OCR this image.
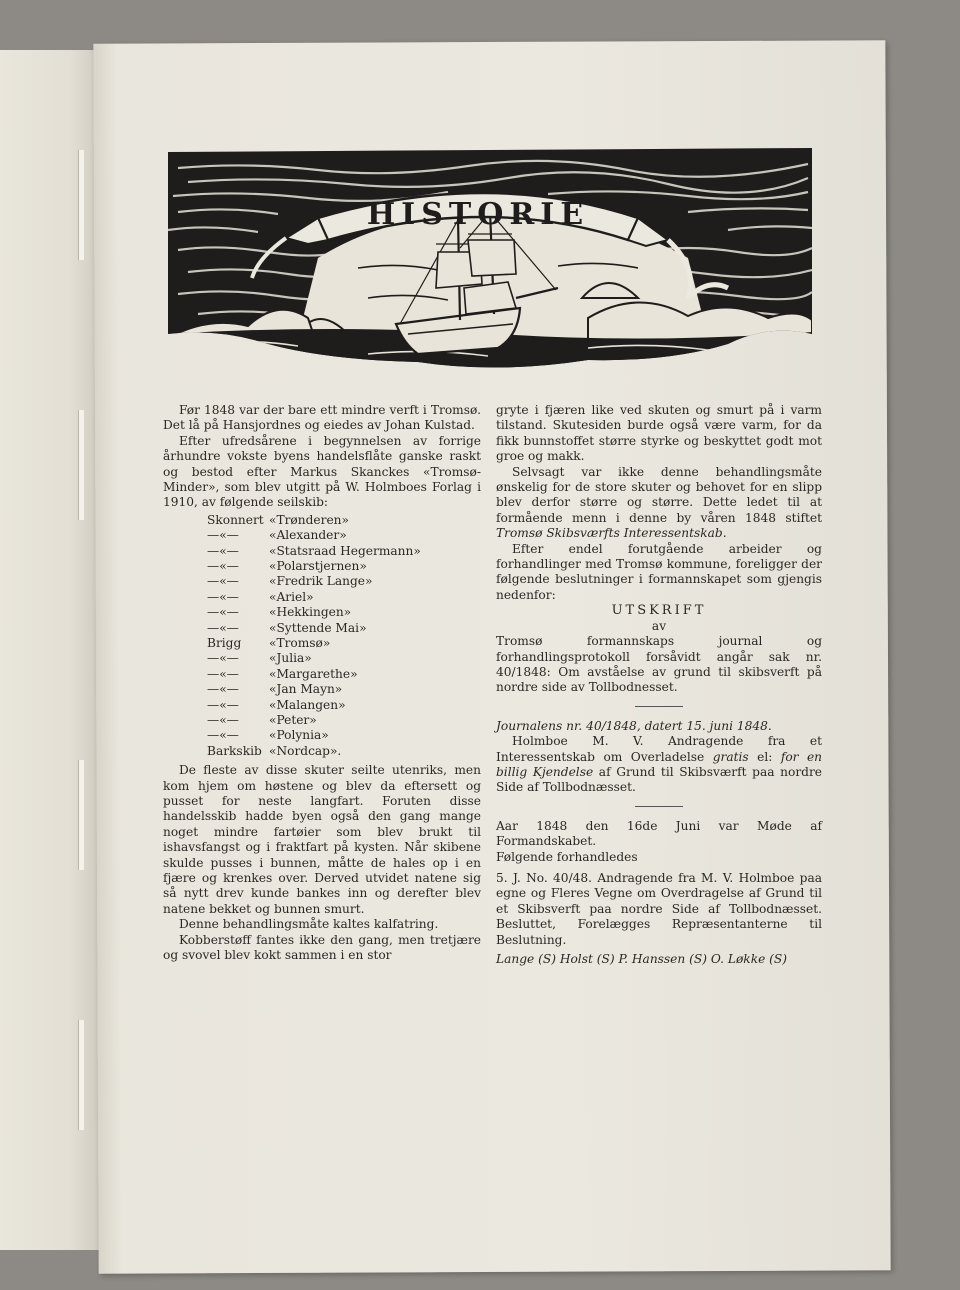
HISTORIE

Før 1848 var der bare ett mindre verft i Tromsø. Det lå på Hansjordnes og eiedes av Johan Kulstad.

Efter ufredsårene i begynnelsen av forrige århundre vokste byens handelsflåte ganske raskt og bestod efter Markus Skanckes «Tromsø-Minder», som blev utgitt på W. Holmboes Forlag i 1910, av følgende seilskib:

Skonnert «Trønderen»
—«—	«Alexander»
—«—	«Statsraad Hegermann»
—«—	«Polarstjernen»
—«—	«Fredrik Lange»
—«—	«Ariel»
—«—	«Hekkingen»
—«—	«Syttende Mai»
Brigg	«Tromsø»
—«—	«Julia»
—«—	«Margarethe»
—«—	«Jan Mayn»
—«—	«Malangen»
—«—	«Peter»
—«—	«Polynia»
Barkskib «Nordcap».

De fleste av disse skuter seilte utenriks, men kom hjem om høstene og blev da eftersett og pusset for neste langfart. Foruten disse handelsskib hadde byen også den gang mange noget mindre fartøier som blev brukt til ishavsfangst og i fraktfart på kysten. Når skibene skulde pusses i bunnen, måtte de hales op i en fjære og krenkes over. Derved utvidet natene sig så nytt drev kunde bankes inn og derefter blev natene bekket og bunnen smurt.

Denne behandlingsmåte kaltes kalfatring.

Kobberstøff fantes ikke den gang, men tretjære og svovel blev kokt sammen i en stor

gryte i fjæren like ved skuten og smurt på i varm tilstand. Skutesiden burde også være varm, for da fikk bunnstoffet større styrke og beskyttet godt mot groe og makk.

Selvsagt var ikke denne behandlingsmåte ønskelig for de store skuter og behovet for en slipp blev derfor større og større. Dette ledet til at formående menn i denne by våren 1848 stiftet Tromsø Skibsværfts Interessentskab.

Efter endel forutgående arbeider og forhandlinger med Tromsø kommune, foreligger der følgende beslutninger i formannskapet som gjengis nedenfor:

UTSKRIFT

av

Tromsø formannskaps journal og forhandlingsprotokoll forsåvidt angår sak nr. 40/1848: Om avståelse av grund til skibsverft på nordre side av Tollbodnesset.

Journalens nr. 40/1848, datert 15. juni 1848.

Holmboe M. V. Andragende fra et Interessentskab om Overladelse gratis el: for en billig Kjendelse af Grund til Skibsværft paa nordre Side af Tollbodnæsset.

Aar 1848 den 16de Juni var Møde af Formandskabet.

Følgende forhandledes

5. J. No. 40/48. Andragende fra M. V. Holmboe paa egne og Fleres Vegne om Overdragelse af Grund til et Skibsverft paa nordre Side af Tollbodnæsset. Besluttet, Forelægges Repræsentanterne til Beslutning.

Lange (S) Holst (S) P. Hanssen (S) O. Løkke (S)
